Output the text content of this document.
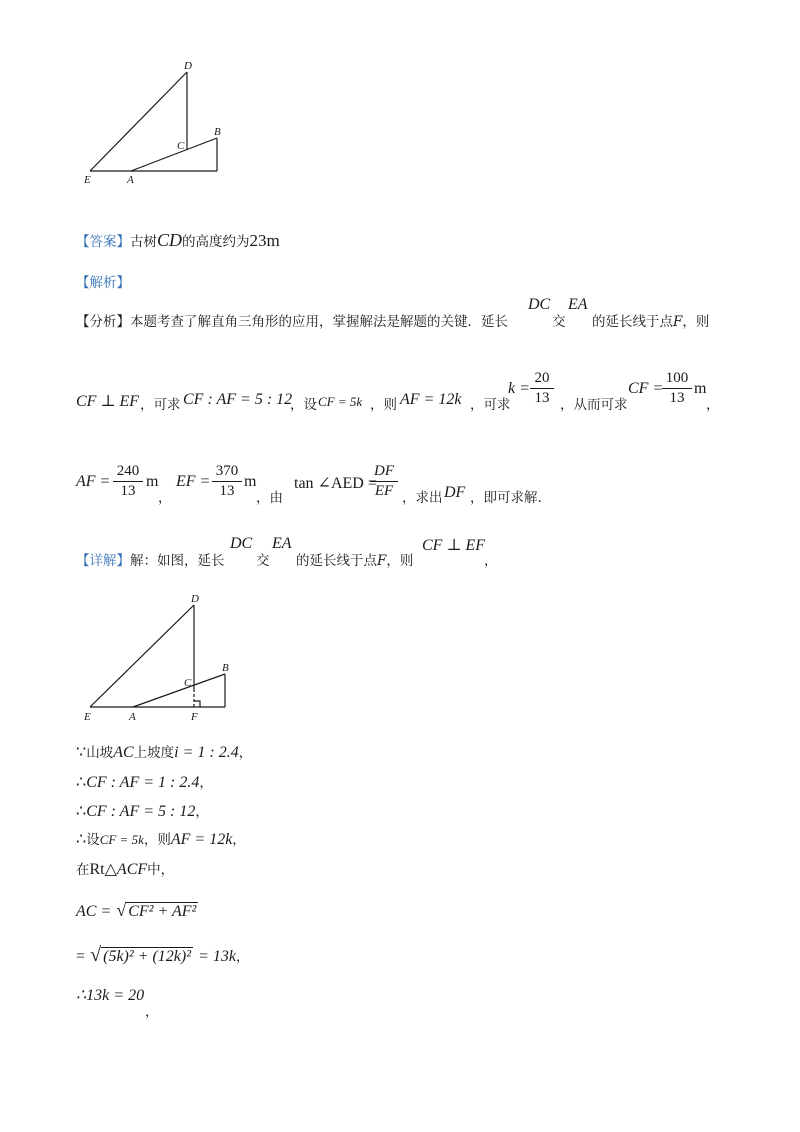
D
C
B
E	A
【答案】古树CD的高度约为23m
【解析】
【分析】本题考查了解直角三角形的应用，掌握解法是解题的关键．延长
DC
交
EA
的延长线于点F，则
CF ⊥ EF ，可求 CF : AF = 5 : 12
，设 CF = 5k ，则 AF = 12k ，可求
k =
20
13 ，从而可求
CF =
100
13
m
，
AF =
240
13
m
，
EF =
370
13
m
，由
tan ∠AED =
DF
EF ，求出 DF ，即可求解.
【详解】解：如图，延长
DC
交
EA
的延长线于点F，则
CF ⊥ EF
，
D
C
B
E	A	F
∵山坡AC上坡度i = 1 : 2.4，
∴CF : AF = 1 : 2.4，
∴CF : AF = 5 : 12，
∴设CF = 5k，则AF = 12k，
在Rt△ACF中，
AC = √ CF² + AF²
= √ (5k)² + (12k)² = 13k，
∴13k = 20
，
